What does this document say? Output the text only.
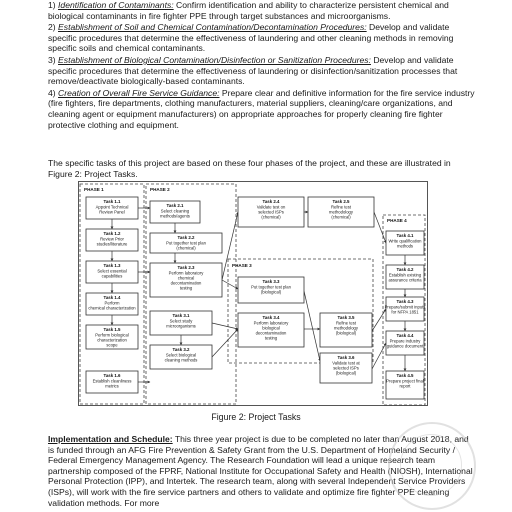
1) Identification of Contaminants: Confirm identification and ability to characterize persistent chemical and biological contaminants in fire fighter PPE through target substances and microorganisms.
2) Establishment of Soil and Chemical Contamination/Decontamination Procedures: Develop and validate specific procedures that determine the effectiveness of laundering and other cleaning methods in removing specific soils and chemical contaminants.
3) Establishment of Biological Contamination/Disinfection or Sanitization Procedures: Develop and validate specific procedures that determine the effectiveness of laundering or disinfection/sanitization processes that remove/deactivate biologically-based contaminants.
4) Creation of Overall Fire Service Guidance: Prepare clear and definitive information for the fire service industry (fire fighters, fire departments, clothing manufacturers, material suppliers, cleaning/care organizations, and cleaning agent or equipment manufacturers) on appropriate approaches for properly cleaning fire fighter protective clothing and equipment.

The specific tasks of this project are based on these four phases of the project, and these are illustrated in Figure 2: Project Tasks.

PHASE 1	PHASE 2
PHASE 3
PHASE 4
Task 1.1
Appoint Technical
Review Panel
Task 1.2
Review Prior
studies/literature
Task 1.3
Select essential
capabilities
Task 1.4
Perform
chemical characterization
Task 1.5
Perform biological
characterization
scope
Task 1.6
Establish cleanliness
metrics
Task 2.1
Select cleaning
methods/agents
Task 2.2
Put together test plan
(chemical)
Task 2.3
Perform laboratory
chemical
decontamination
testing
Task 2.4
Validate test on
selected ISPs
(chemical)
Task 2.5
Refine test
methodology
(chemical)
Task 3.1
Select study
microorganisms
Task 3.2
Select biological
cleaning methods
Task 3.3
Put together test plan
(biological)
Task 3.4
Perform laboratory
biological
decontamination
testing
Task 3.5
Refine test
methodology
(biological)
Task 3.6
Validate test at
selected ISPs
(biological)
Task 4.1
Write qualification
methods
Task 4.2
Establish existing
assurance criteria
Task 4.3
Prepare/submit inputs
for NFPA 1851
Task 4.4
Prepare industry
guidance document
Task 4.5
Prepare project final
report
Figure 2: Project Tasks

Implementation and Schedule: This three year project is due to be completed no later than August 2018, and is funded through an AFG Fire Prevention & Safety Grant from the U.S. Department of Homeland Security / Federal Emergency Management Agency. The Research Foundation will lead a unique research team partnership composed of the FPRF, National Institute for Occupational Safety and Health (NIOSH), International Personal Protection (IPP), and Intertek. The research team, along with several Independent Service Providers (ISPs), will work with the fire service partners and others to validate and optimize fire fighter PPE cleaning validation methods. For more
